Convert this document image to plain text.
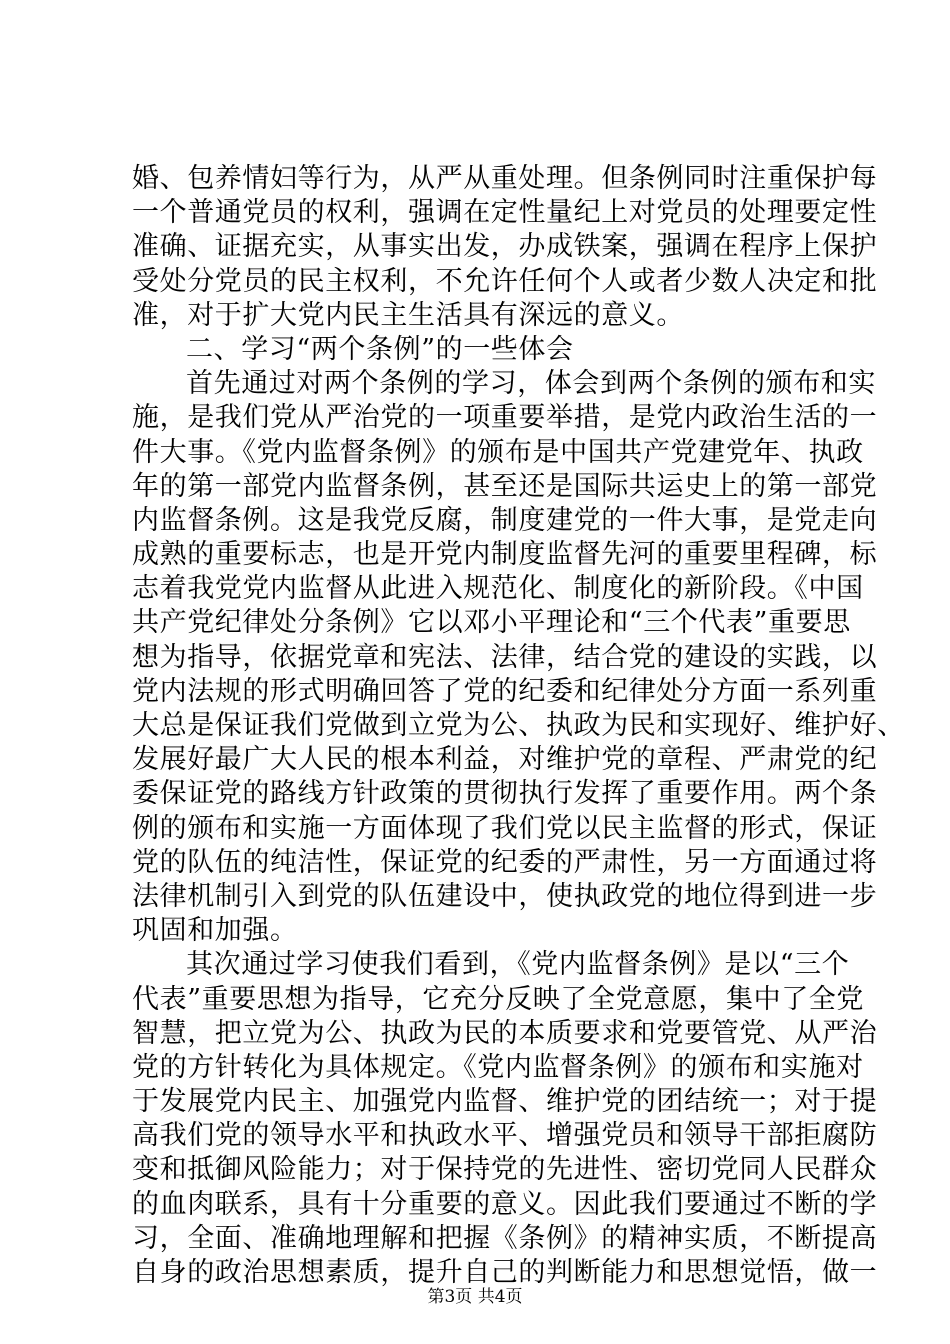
婚、包养情妇等行为，从严从重处理。但条例同时注重保护每
一个普通党员的权利，强调在定性量纪上对党员的处理要定性
准确、证据充实，从事实出发，办成铁案，强调在程序上保护
受处分党员的民主权利，不允许任何个人或者少数人决定和批
准，对于扩大党内民主生活具有深远的意义。
二、学习“两个条例”的一些体会
首先通过对两个条例的学习，体会到两个条例的颁布和实
施，是我们党从严治党的一项重要举措，是党内政治生活的一
件大事。《党内监督条例》的颁布是中国共产党建党年、执政
年的第一部党内监督条例，甚至还是国际共运史上的第一部党
内监督条例。这是我党反腐，制度建党的一件大事，是党走向
成熟的重要标志，也是开党内制度监督先河的重要里程碑，标
志着我党党内监督从此进入规范化、制度化的新阶段。《中国
共产党纪律处分条例》它以邓小平理论和“三个代表”重要思
想为指导，依据党章和宪法、法律，结合党的建设的实践，以
党内法规的形式明确回答了党的纪委和纪律处分方面一系列重
大总是保证我们党做到立党为公、执政为民和实现好、维护好、
发展好最广大人民的根本利益，对维护党的章程、严肃党的纪
委保证党的路线方针政策的贯彻执行发挥了重要作用。两个条
例的颁布和实施一方面体现了我们党以民主监督的形式，保证
党的队伍的纯洁性，保证党的纪委的严肃性，另一方面通过将
法律机制引入到党的队伍建设中，使执政党的地位得到进一步
巩固和加强。
其次通过学习使我们看到，《党内监督条例》是以“三个
代表”重要思想为指导，它充分反映了全党意愿，集中了全党
智慧，把立党为公、执政为民的本质要求和党要管党、从严治
党的方针转化为具体规定。《党内监督条例》的颁布和实施对
于发展党内民主、加强党内监督、维护党的团结统一；对于提
高我们党的领导水平和执政水平、增强党员和领导干部拒腐防
变和抵御风险能力；对于保持党的先进性、密切党同人民群众
的血肉联系，具有十分重要的意义。因此我们要通过不断的学
习，全面、准确地理解和把握《条例》的精神实质，不断提高
自身的政治思想素质，提升自己的判断能力和思想觉悟，做一
第3页 共4页
